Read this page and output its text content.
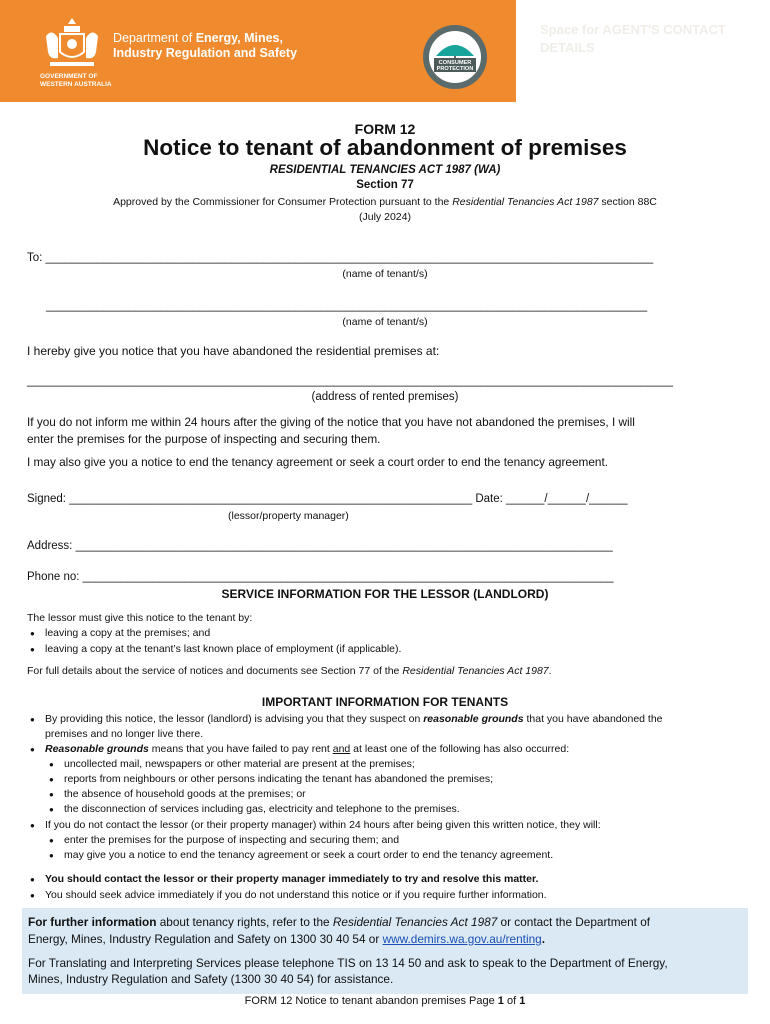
GOVERNMENT OF
WESTERN AUSTRALIA
Department of Energy, Mines,
Industry Regulation and Safety
CONSUMER
PROTECTION
Space for AGENT'S CONTACT
DETAILS
FORM 12
Notice to tenant of abandonment of premises
RESIDENTIAL TENANCIES ACT 1987 (WA)
Section 77
Approved by the Commissioner for Consumer Protection pursuant to the Residential Tenancies Act 1987 section 88C
(July 2024)
To: _______________________________________________________________________________________________
(name of tenant/s)
______________________________________________________________________________________________
(name of tenant/s)
I hereby give you notice that you have abandoned the residential premises at:
_____________________________________________________________________________________________________
(address of rented premises)
If you do not inform me within 24 hours after the giving of the notice that you have not abandoned the premises, I will
enter the premises for the purpose of inspecting and securing them.
I may also give you a notice to end the tenancy agreement or seek a court order to end the tenancy agreement.
Signed: _______________________________________________________________ Date: ______/______/______
(lessor/property manager)
Address: ____________________________________________________________________________________
Phone no: ___________________________________________________________________________________
SERVICE INFORMATION FOR THE LESSOR (LANDLORD)
The lessor must give this notice to the tenant by:
● leaving a copy at the premises; and
● leaving a copy at the tenant’s last known place of employment (if applicable).
For full details about the service of notices and documents see Section 77 of the Residential Tenancies Act 1987.
IMPORTANT INFORMATION FOR TENANTS
● By providing this notice, the lessor (landlord) is advising you that they suspect on reasonable grounds that you have abandoned the
premises and no longer live there.
● Reasonable grounds means that you have failed to pay rent and at least one of the following has also occurred:
● uncollected mail, newspapers or other material are present at the premises;
● reports from neighbours or other persons indicating the tenant has abandoned the premises;
● the absence of household goods at the premises; or
● the disconnection of services including gas, electricity and telephone to the premises.
● If you do not contact the lessor (or their property manager) within 24 hours after being given this written notice, they will:
● enter the premises for the purpose of inspecting and securing them; and
● may give you a notice to end the tenancy agreement or seek a court order to end the tenancy agreement.
● You should contact the lessor or their property manager immediately to try and resolve this matter.
● You should seek advice immediately if you do not understand this notice or if you require further information.
For further information about tenancy rights, refer to the Residential Tenancies Act 1987 or contact the Department of
Energy, Mines, Industry Regulation and Safety on 1300 30 40 54 or www.demirs.wa.gov.au/renting.
For Translating and Interpreting Services please telephone TIS on 13 14 50 and ask to speak to the Department of Energy,
Mines, Industry Regulation and Safety (1300 30 40 54) for assistance.
FORM 12 Notice to tenant abandon premises Page 1 of 1
